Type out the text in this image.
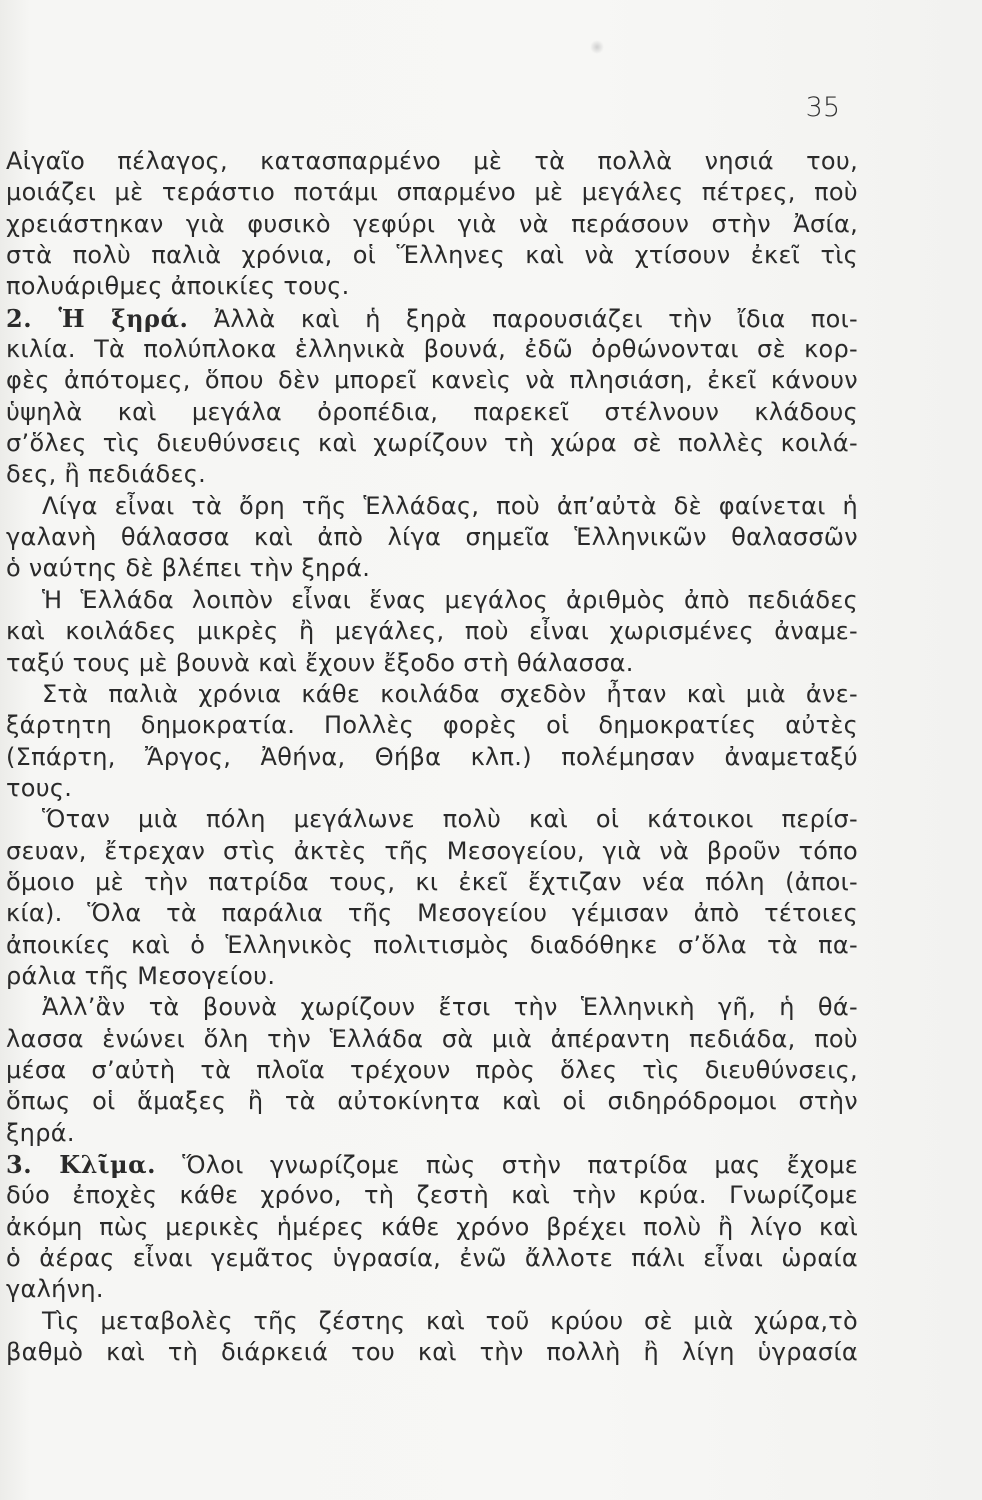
35
Αἰγαῖο πέλαγος, κατασπαρμένο μὲ τὰ πολλὰ νησιά του,
μοιάζει μὲ τεράστιο ποτάμι σπαρμένο μὲ μεγάλες πέτρες, ποὺ
χρειάστηκαν γιὰ φυσικὸ γεφύρι γιὰ νὰ περάσουν στὴν Ἀσία,
στὰ πολὺ παλιὰ χρόνια, οἱ Ἕλληνες καὶ νὰ χτίσουν ἐκεῖ τὶς
πολυάριθμες ἀποικίες τους.
2. Ἡ ξηρά. Ἀλλὰ καὶ ἡ ξηρὰ παρουσιάζει τὴν ἴδια ποι-
κιλία. Τὰ πολύπλοκα ἑλληνικὰ βουνά, ἐδῶ ὀρθώνονται σὲ κορ-
φὲς ἀπότομες, ὅπου δὲν μπορεῖ κανεὶς νὰ πλησιάση, ἐκεῖ κάνουν
ὑψηλὰ καὶ μεγάλα ὀροπέδια, παρεκεῖ στέλνουν κλάδους
σ’ὅλες τὶς διευθύνσεις καὶ χωρίζουν τὴ χώρα σὲ πολλὲς κοιλά-
δες, ἢ πεδιάδες.
Λίγα εἶναι τὰ ὄρη τῆς Ἑλλάδας, ποὺ ἀπ’αὐτὰ δὲ φαίνεται ἡ
γαλανὴ θάλασσα καὶ ἀπὸ λίγα σημεῖα Ἑλληνικῶν θαλασσῶν
ὁ ναύτης δὲ βλέπει τὴν ξηρά.
Ἡ Ἑλλάδα λοιπὸν εἶναι ἕνας μεγάλος ἀριθμὸς ἀπὸ πεδιάδες
καὶ κοιλάδες μικρὲς ἢ μεγάλες, ποὺ εἶναι χωρισμένες ἀναμε-
ταξύ τους μὲ βουνὰ καὶ ἔχουν ἔξοδο στὴ θάλασσα.
Στὰ παλιὰ χρόνια κάθε κοιλάδα σχεδὸν ἦταν καὶ μιὰ ἀνε-
ξάρτητη δημοκρατία. Πολλὲς φορὲς οἱ δημοκρατίες αὐτὲς
(Σπάρτη, Ἄργος, Ἀθήνα, Θήβα κλπ.) πολέμησαν ἀναμεταξύ
τους.
Ὅταν μιὰ πόλη μεγάλωνε πολὺ καὶ οἱ κάτοικοι περίσ-
σευαν, ἔτρεχαν στὶς ἀκτὲς τῆς Μεσογείου, γιὰ νὰ βροῦν τόπο
ὅμοιο μὲ τὴν πατρίδα τους, κι ἐκεῖ ἔχτιζαν νέα πόλη (ἀποι-
κία). Ὅλα τὰ παράλια τῆς Μεσογείου γέμισαν ἀπὸ τέτοιες
ἀποικίες καὶ ὁ Ἑλληνικὸς πολιτισμὸς διαδόθηκε σ’ὅλα τὰ πα-
ράλια τῆς Μεσογείου.
Ἀλλ’ἂν τὰ βουνὰ χωρίζουν ἔτσι τὴν Ἑλληνικὴ γῆ, ἡ θά-
λασσα ἑνώνει ὅλη τὴν Ἑλλάδα σὰ μιὰ ἀπέραντη πεδιάδα, ποὺ
μέσα σ’αὐτὴ τὰ πλοῖα τρέχουν πρὸς ὅλες τὶς διευθύνσεις,
ὅπως οἱ ἅμαξες ἢ τὰ αὐτοκίνητα καὶ οἱ σιδηρόδρομοι στὴν
ξηρά.
3. Κλῖμα. Ὅλοι γνωρίζομε πὼς στὴν πατρίδα μας ἔχομε
δύο ἐποχὲς κάθε χρόνο, τὴ ζεστὴ καὶ τὴν κρύα. Γνωρίζομε
ἀκόμη πὼς μερικὲς ἡμέρες κάθε χρόνο βρέχει πολὺ ἢ λίγο καὶ
ὁ ἀέρας εἶναι γεμᾶτος ὑγρασία, ἐνῶ ἄλλοτε πάλι εἶναι ὡραία
γαλήνη.
Τὶς μεταβολὲς τῆς ζέστης καὶ τοῦ κρύου σὲ μιὰ χώρα,τὸ
βαθμὸ καὶ τὴ διάρκειά του καὶ τὴν πολλὴ ἢ λίγη ὑγρασία
